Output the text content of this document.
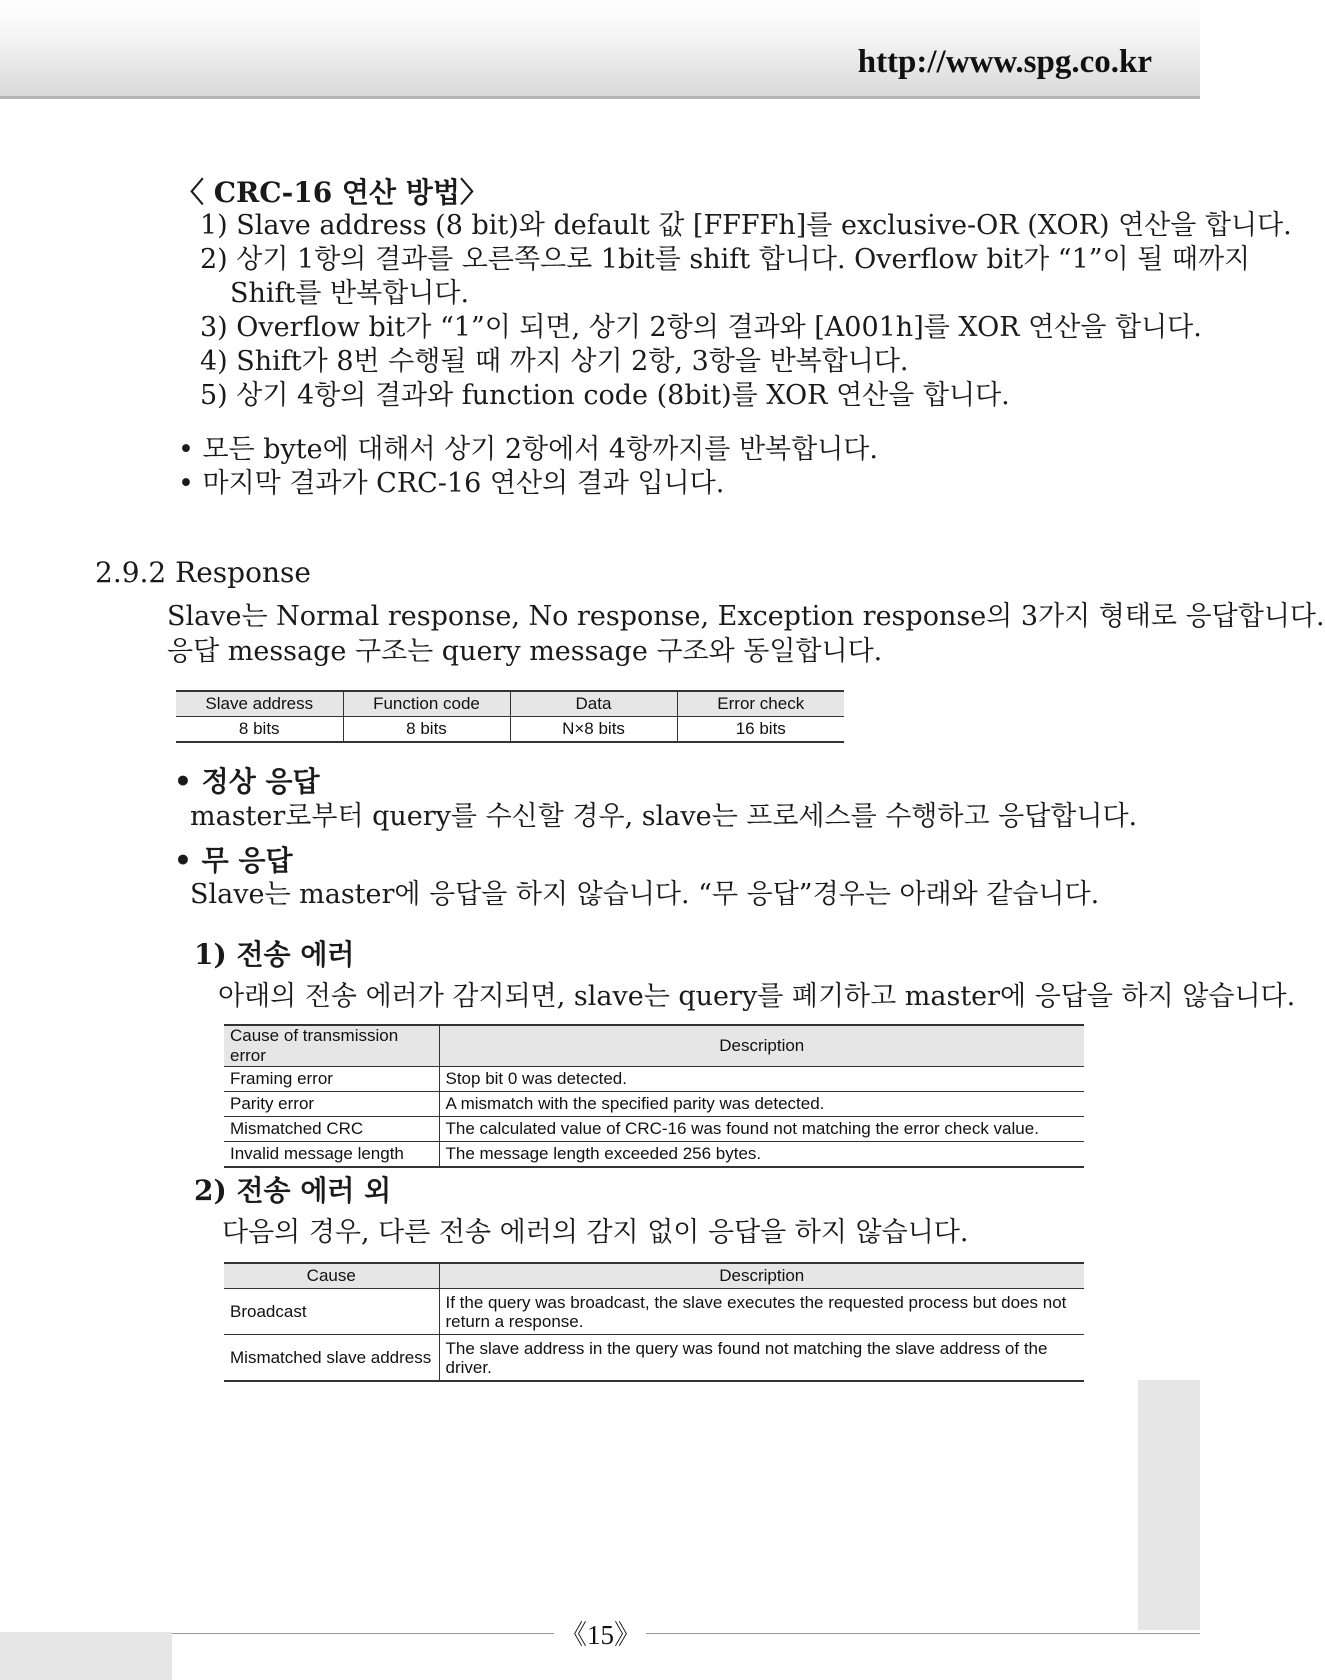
http://www.spg.co.kr
〈 CRC-16 연산 방법〉
1) Slave address (8 bit)와 default 값 [FFFFh]를 exclusive-OR (XOR) 연산을 합니다.
2) 상기 1항의 결과를 오른쪽으로 1bit를 shift 합니다. Overflow bit가 “1”이 될 때까지
Shift를 반복합니다.
3) Overflow bit가 “1”이 되면, 상기 2항의 결과와 [A001h]를 XOR 연산을 합니다.
4) Shift가 8번 수행될 때 까지 상기 2항, 3항을 반복합니다.
5) 상기 4항의 결과와 function code (8bit)를 XOR 연산을 합니다.
• 모든 byte에 대해서 상기 2항에서 4항까지를 반복합니다.
• 마지막 결과가 CRC-16 연산의 결과 입니다.
2.9.2 Response
Slave는 Normal response, No response, Exception response의 3가지 형태로 응답합니다.
응답 message 구조는 query message 구조와 동일합니다.
Slave address	Function code	Data	Error check
8 bits	8 bits	N×8 bits	16 bits
• 정상 응답
master로부터 query를 수신할 경우, slave는 프로세스를 수행하고 응답합니다.
• 무 응답
Slave는 master에 응답을 하지 않습니다. “무 응답”경우는 아래와 같습니다.
1) 전송 에러
아래의 전송 에러가 감지되면, slave는 query를 폐기하고 master에 응답을 하지 않습니다.
Cause of transmission error	Description
Framing error	Stop bit 0 was detected.
Parity error	A mismatch with the specified parity was detected.
Mismatched CRC	The calculated value of CRC-16 was found not matching the error check value.
Invalid message length	The message length exceeded 256 bytes.
2) 전송 에러 외
다음의 경우, 다른 전송 에러의 감지 없이 응답을 하지 않습니다.
Cause	Description
Broadcast	If the query was broadcast, the slave executes the requested process but does not return a response.
Mismatched slave address	The slave address in the query was found not matching the slave address of the driver.
《15》
